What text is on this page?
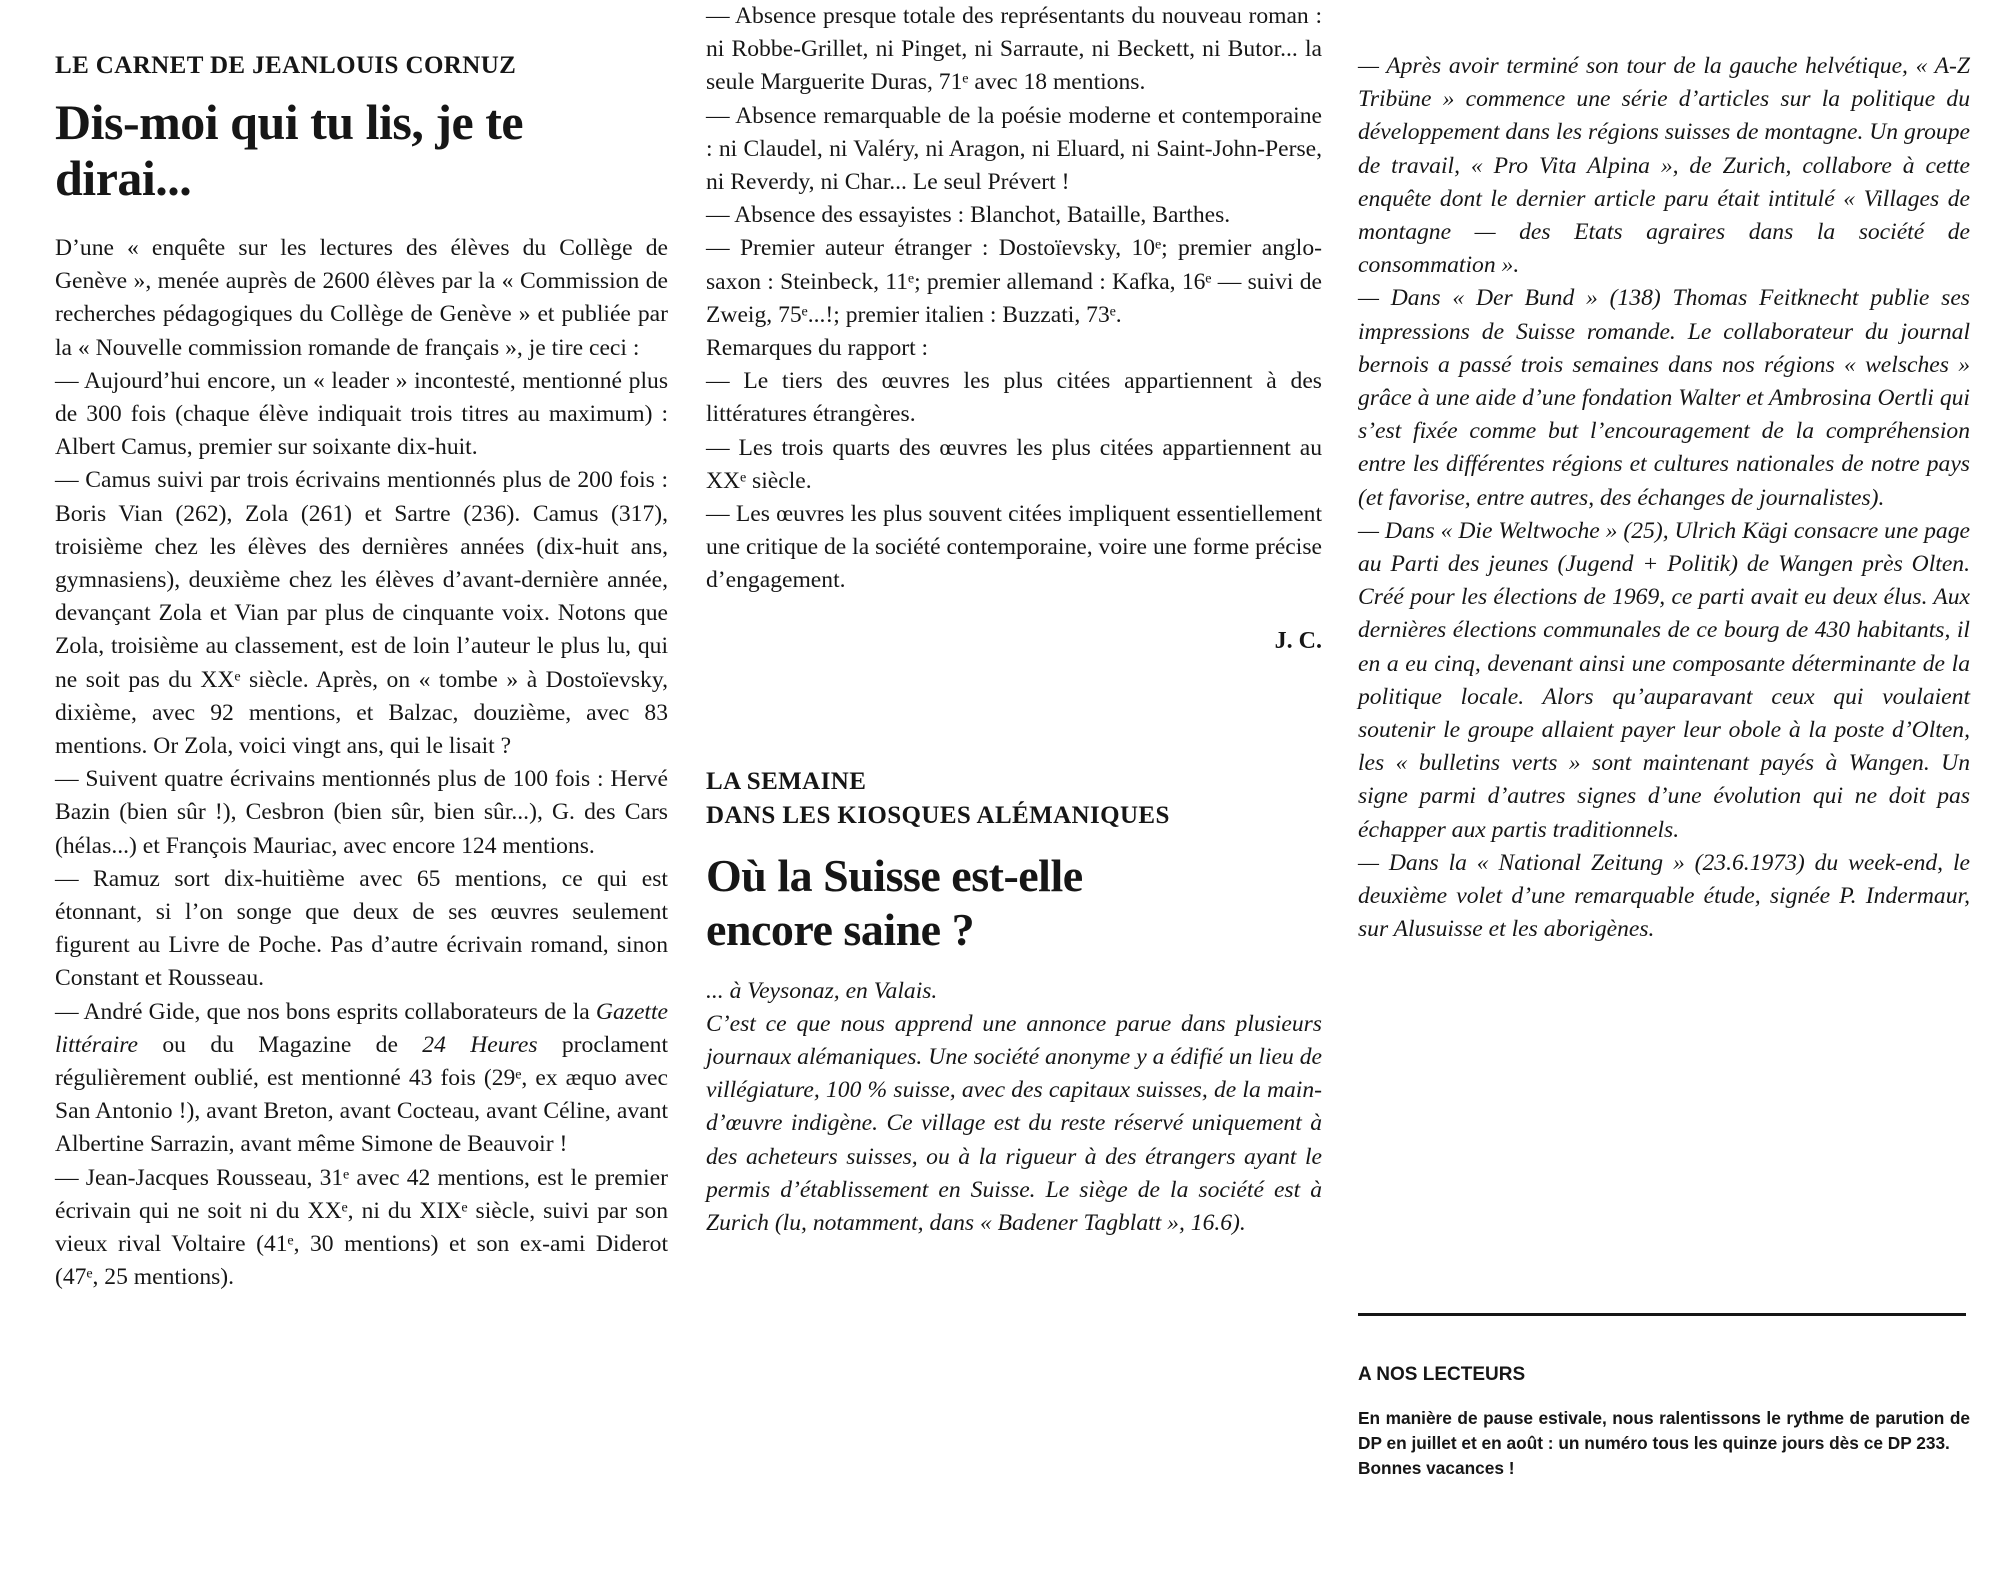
LE CARNET DE JEANLOUIS CORNUZ

Dis-moi qui tu lis, je te dirai...

D’une « enquête sur les lectures des élèves du Collège de Genève », menée auprès de 2600 élèves par la « Commission de recherches pédagogiques du Collège de Genève » et publiée par la « Nouvelle commission romande de français », je tire ceci :

— Aujourd’hui encore, un « leader » incontesté, mentionné plus de 300 fois (chaque élève indiquait trois titres au maximum) : Albert Camus, premier sur soixante dix-huit.

— Camus suivi par trois écrivains mentionnés plus de 200 fois : Boris Vian (262), Zola (261) et Sartre (236). Camus (317), troisième chez les élèves des dernières années (dix-huit ans, gymnasiens), deuxième chez les élèves d’avant-dernière année, devançant Zola et Vian par plus de cinquante voix. Notons que Zola, troisième au classement, est de loin l’auteur le plus lu, qui ne soit pas du XXᵉ siècle. Après, on « tombe » à Dostoïevsky, dixième, avec 92 mentions, et Balzac, douzième, avec 83 mentions. Or Zola, voici vingt ans, qui le lisait ?

— Suivent quatre écrivains mentionnés plus de 100 fois : Hervé Bazin (bien sûr !), Cesbron (bien sûr, bien sûr...), G. des Cars (hélas...) et François Mauriac, avec encore 124 mentions.

— Ramuz sort dix-huitième avec 65 mentions, ce qui est étonnant, si l’on songe que deux de ses œuvres seulement figurent au Livre de Poche. Pas d’autre écrivain romand, sinon Constant et Rousseau.

— André Gide, que nos bons esprits collaborateurs de la Gazette littéraire ou du Magazine de 24 Heures proclament régulièrement oublié, est mentionné 43 fois (29ᵉ, ex æquo avec San Antonio !), avant Breton, avant Cocteau, avant Céline, avant Albertine Sarrazin, avant même Simone de Beauvoir !

— Jean-Jacques Rousseau, 31ᵉ avec 42 mentions, est le premier écrivain qui ne soit ni du XXᵉ, ni du XIXᵉ siècle, suivi par son vieux rival Voltaire (41ᵉ, 30 mentions) et son ex-ami Diderot (47ᵉ, 25 mentions).

— Absence presque totale des représentants du nouveau roman : ni Robbe-Grillet, ni Pinget, ni Sarraute, ni Beckett, ni Butor... la seule Marguerite Duras, 71ᵉ avec 18 mentions.

— Absence remarquable de la poésie moderne et contemporaine : ni Claudel, ni Valéry, ni Aragon, ni Eluard, ni Saint-John-Perse, ni Reverdy, ni Char... Le seul Prévert !

— Absence des essayistes : Blanchot, Bataille, Barthes.

— Premier auteur étranger : Dostoïevsky, 10ᵉ; premier anglo-saxon : Steinbeck, 11ᵉ; premier allemand : Kafka, 16ᵉ — suivi de Zweig, 75ᵉ...!; premier italien : Buzzati, 73ᵉ.

Remarques du rapport :

— Le tiers des œuvres les plus citées appartiennent à des littératures étrangères.

— Les trois quarts des œuvres les plus citées appartiennent au XXᵉ siècle.

— Les œuvres les plus souvent citées impliquent essentiellement une critique de la société contemporaine, voire une forme précise d’engagement.

J. C.

LA SEMAINE
DANS LES KIOSQUES ALÉMANIQUES

Où la Suisse est-elle
encore saine ?

... à Veysonaz, en Valais.

C’est ce que nous apprend une annonce parue dans plusieurs journaux alémaniques. Une société anonyme y a édifié un lieu de villégiature, 100 % suisse, avec des capitaux suisses, de la main-d’œuvre indigène. Ce village est du reste réservé uniquement à des acheteurs suisses, ou à la rigueur à des étrangers ayant le permis d’établissement en Suisse. Le siège de la société est à Zurich (lu, notamment, dans « Badener Tagblatt », 16.6).

— Après avoir terminé son tour de la gauche helvétique, « A-Z Tribüne » commence une série d’articles sur la politique du développement dans les régions suisses de montagne. Un groupe de travail, « Pro Vita Alpina », de Zurich, collabore à cette enquête dont le dernier article paru était intitulé « Villages de montagne — des Etats agraires dans la société de consommation ».

— Dans « Der Bund » (138) Thomas Feitknecht publie ses impressions de Suisse romande. Le collaborateur du journal bernois a passé trois semaines dans nos régions « welsches » grâce à une aide d’une fondation Walter et Ambrosina Oertli qui s’est fixée comme but l’encouragement de la compréhension entre les différentes régions et cultures nationales de notre pays (et favorise, entre autres, des échanges de journalistes).

— Dans « Die Weltwoche » (25), Ulrich Kägi consacre une page au Parti des jeunes (Jugend + Politik) de Wangen près Olten. Créé pour les élections de 1969, ce parti avait eu deux élus. Aux dernières élections communales de ce bourg de 430 habitants, il en a eu cinq, devenant ainsi une composante déterminante de la politique locale. Alors qu’auparavant ceux qui voulaient soutenir le groupe allaient payer leur obole à la poste d’Olten, les « bulletins verts » sont maintenant payés à Wangen. Un signe parmi d’autres signes d’une évolution qui ne doit pas échapper aux partis traditionnels.

— Dans la « National Zeitung » (23.6.1973) du week-end, le deuxième volet d’une remarquable étude, signée P. Indermaur, sur Alusuisse et les aborigènes.

A NOS LECTEURS

En manière de pause estivale, nous ralentissons le rythme de parution de DP en juillet et en août : un numéro tous les quinze jours dès ce DP 233.

Bonnes vacances !
